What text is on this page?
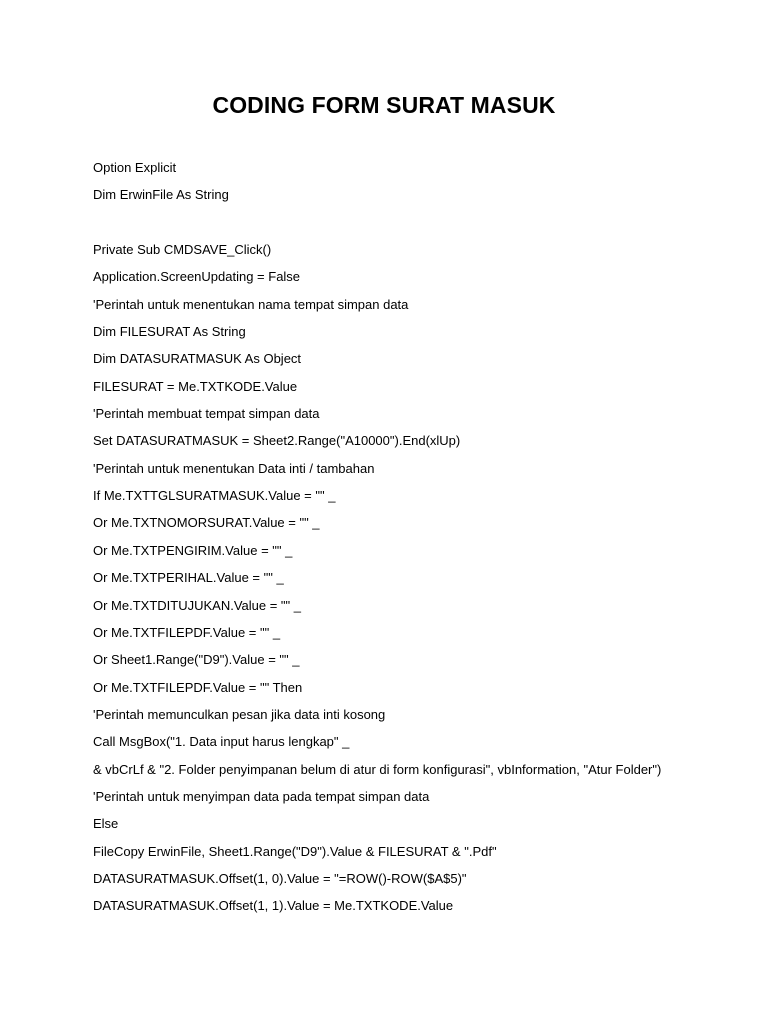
CODING FORM SURAT MASUK
Option Explicit
Dim ErwinFile As String
Private Sub CMDSAVE_Click()
Application.ScreenUpdating = False
'Perintah untuk menentukan nama tempat simpan data
Dim FILESURAT As String
Dim DATASURATMASUK As Object
FILESURAT = Me.TXTKODE.Value
'Perintah membuat tempat simpan data
Set DATASURATMASUK = Sheet2.Range("A10000").End(xlUp)
'Perintah untuk menentukan Data inti / tambahan
If Me.TXTTGLSURATMASUK.Value = "" _
Or Me.TXTNOMORSURAT.Value = "" _
Or Me.TXTPENGIRIM.Value = "" _
Or Me.TXTPERIHAL.Value = "" _
Or Me.TXTDITUJUKAN.Value = "" _
Or Me.TXTFILEPDF.Value = "" _
Or Sheet1.Range("D9").Value = "" _
Or Me.TXTFILEPDF.Value = "" Then
'Perintah memunculkan pesan jika data inti kosong
Call MsgBox("1. Data input harus lengkap" _
& vbCrLf & "2. Folder penyimpanan belum di atur di form konfigurasi", vbInformation, "Atur Folder")
'Perintah untuk menyimpan data pada tempat simpan data
Else
FileCopy ErwinFile, Sheet1.Range("D9").Value & FILESURAT & ".Pdf"
DATASURATMASUK.Offset(1, 0).Value = "=ROW()-ROW($A$5)"
DATASURATMASUK.Offset(1, 1).Value = Me.TXTKODE.Value
